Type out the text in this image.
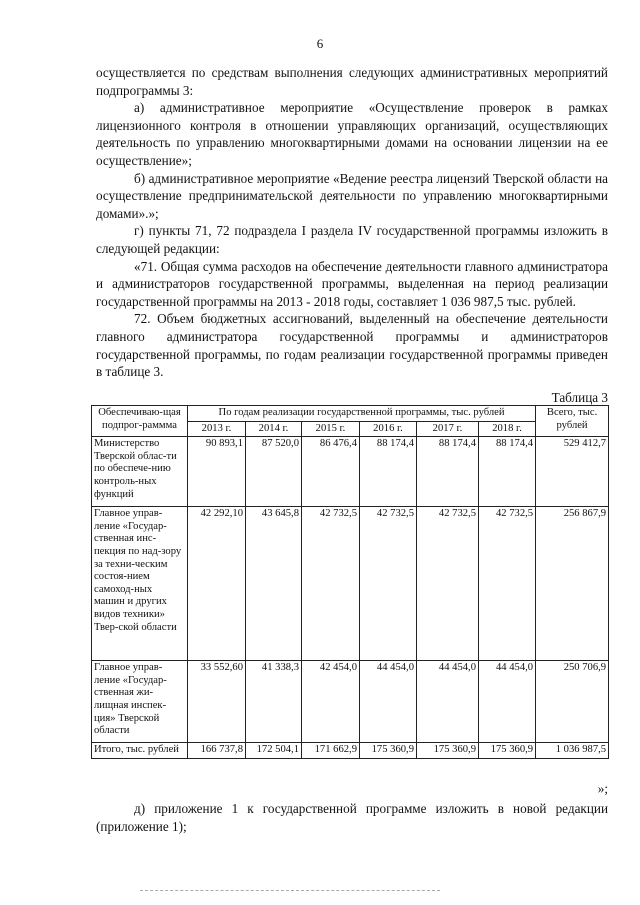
6

осуществляется по средствам выполнения следующих административных мероприятий подпрограммы 3:

а) административное мероприятие «Осуществление проверок в рамках лицензионного контроля в отношении управляющих организаций, осуществляющих деятельность по управлению многоквартирными домами на основании лицензии на ее осуществление»;

б) административное мероприятие «Ведение реестра лицензий Тверской области на осуществление предпринимательской деятельности по управлению многоквартирными домами».»;

г) пункты 71, 72 подраздела I раздела IV государственной программы изложить в следующей редакции:

«71. Общая сумма расходов на обеспечение деятельности главного администратора и администраторов государственной программы, выделенная на период реализации государственной программы на 2013 - 2018 годы, составляет 1 036 987,5 тыс. рублей.

72. Объем бюджетных ассигнований, выделенный на обеспечение деятельности главного администратора государственной программы и администраторов государственной программы, по годам реализации государственной программы приведен в таблице 3.

Таблица 3
Обеспечиваю-щая подпрог-раммма	По годам реализации государственной программы, тыс. рублей						Всего, тыс. рублей
	2013 г.	2014 г.	2015 г.	2016 г.	2017 г.	2018 г.	
Министерство Тверской облас-ти по обеспече-нию контроль-ных функций	90 893,1	87 520,0	86 476,4	88 174,4	88 174,4	88 174,4	529 412,7
Главное управ-ление «Государ-ственная инс-пекция по над-зору за техни-ческим состоя-нием самоход-ных машин и других видов техники» Твер-ской области	42 292,10	43 645,8	42 732,5	42 732,5	42 732,5	42 732,5	256 867,9
Главное управ-ление «Государ-ственная жи-лищная инспек-ция» Тверской области	33 552,60	41 338,3	42 454,0	44 454,0	44 454,0	44 454,0	250 706,9
Итого, тыс. рублей	166 737,8	172 504,1	171 662,9	175 360,9	175 360,9	175 360,9	1 036 987,5
»;

д) приложение 1 к государственной программе изложить в новой редакции (приложение 1);
